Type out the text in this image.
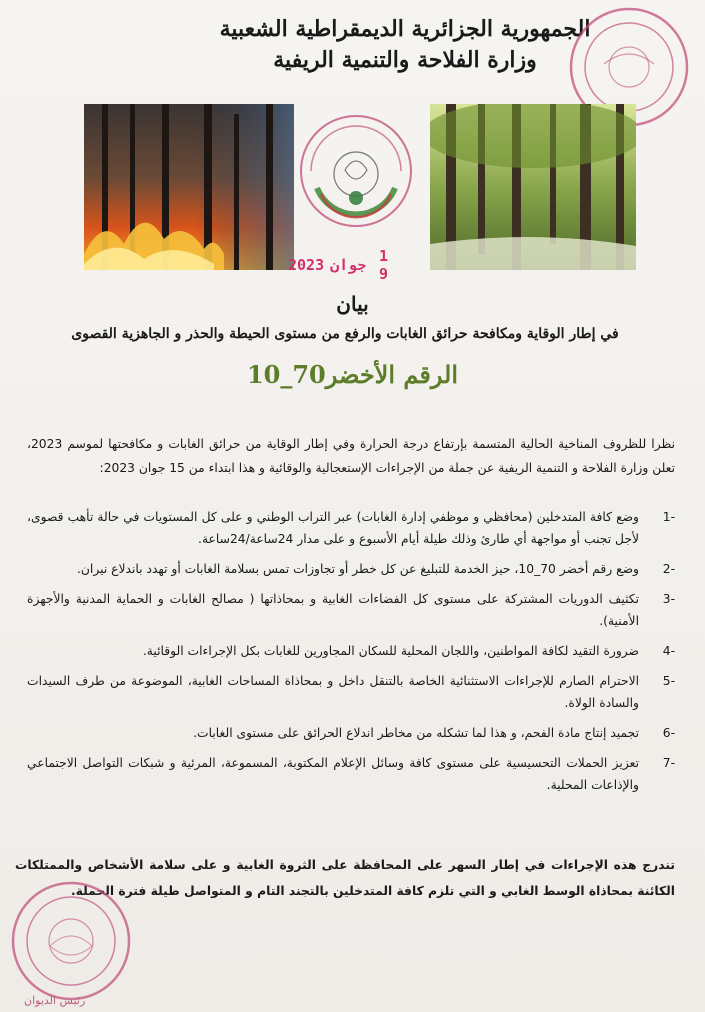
الجمهورية الجزائرية الديمقراطية الشعبية
وزارة الفلاحة والتنمية الريفية
1 9
جوان
2023
بيان
في إطار الوقاية ومكافحة حرائق الغابات والرفع من مستوى الحيطة والحذر و الجاهزية القصوى
الرقم الأخضر70_10
نظرا للظروف المناخية الحالية المتسمة بإرتفاع درجة الحرارة وفي إطار الوقاية من حرائق الغابات و مكافحتها لموسم 2023، تعلن وزارة الفلاحة و التنمية الريفية عن جملة من الإجراءات الإستعجالية والوقائية و هذا ابتداء من 15 جوان 2023:
-1
وضع كافة المتدخلين (محافظي و موظفي إدارة الغابات) عبر التراب الوطني و على كل المستويات في حالة تأهب قصوى، لأجل تجنب أو مواجهة أي طارئ وذلك طيلة أيام الأسبوع و على مدار 24ساعة/24ساعة.
-2
وضع رقم أخضر 70_10، حيز الخدمة للتبليغ عن كل خطر أو تجاوزات تمس بسلامة الغابات أو تهدد باندلاع نيران.
-3
تكثيف الدوريات المشتركة على مستوى كل الفضاءات الغابية و بمحاذاتها ( مصالح الغابات و الحماية المدنية والأجهزة الأمنية).
-4
ضرورة التقيد لكافة المواطنين، واللجان المحلية للسكان المجاورين للغابات بكل الإجراءات الوقائية.
-5
الاحترام الصارم للإجراءات الاستثنائية الخاصة بالتنقل داخل و بمحاذاة المساحات الغابية، الموضوعة من طرف السيدات والسادة الولاة.
-6
تجميد إنتاج مادة الفحم، و هذا لما تشكله من مخاطر اندلاع الحرائق على مستوى الغابات.
-7
تعزيز الحملات التحسيسية على مستوى كافة وسائل الإعلام المكتوبة، المسموعة، المرئية و شبكات التواصل الاجتماعي والإذاعات المحلية.
تندرج هذه الإجراءات في إطار السهر على المحافظة على الثروة الغابية و على سلامة الأشخاص والممتلكات الكائنة بمحاذاة الوسط الغابي و التي تلزم كافة المتدخلين بالتجند التام و المتواصل طيلة فترة الحملة.
رئيس الديوان
